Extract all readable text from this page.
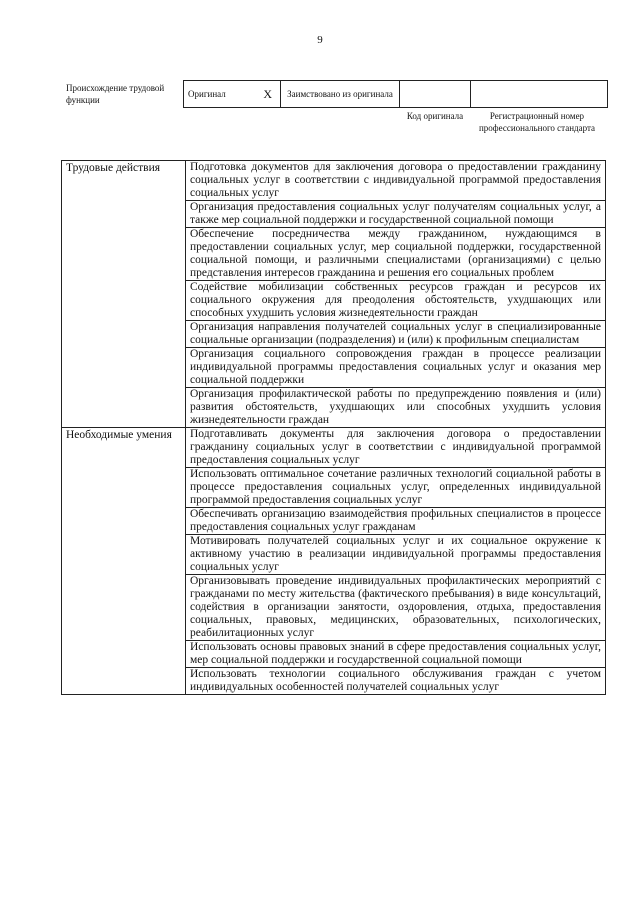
9
Происхождение трудовой функции
Оригинал	X	Заимствовано из оригинала		
Код оригинала	Регистрационный номер профессионального стандарта
Трудовые действия	Подготовка документов для заключения договора о предоставлении гражданину социальных услуг в соответствии с индивидуальной программой предоставления социальных услуг
	Организация предоставления социальных услуг получателям социальных услуг, а также мер социальной поддержки и государственной социальной помощи
	Обеспечение посредничества между гражданином, нуждающимся в предоставлении социальных услуг, мер социальной поддержки, государственной социальной помощи, и различными специалистами (организациями) с целью представления интересов гражданина и решения его социальных проблем
	Содействие мобилизации собственных ресурсов граждан и ресурсов их социального окружения для преодоления обстоятельств, ухудшающих или способных ухудшить условия жизнедеятельности граждан
	Организация направления получателей социальных услуг в специализированные социальные организации (подразделения) и (или) к профильным специалистам
	Организация социального сопровождения граждан в процессе реализации индивидуальной программы предоставления социальных услуг и оказания мер социальной поддержки
	Организация профилактической работы по предупреждению появления и (или) развития обстоятельств, ухудшающих или способных ухудшить условия жизнедеятельности граждан
Необходимые умения	Подготавливать документы для заключения договора о предоставлении гражданину социальных услуг в соответствии с индивидуальной программой предоставления социальных услуг
	Использовать оптимальное сочетание различных технологий социальной работы в процессе предоставления социальных услуг, определенных индивидуальной программой предоставления социальных услуг
	Обеспечивать организацию взаимодействия профильных специалистов в процессе предоставления социальных услуг гражданам
	Мотивировать получателей социальных услуг и их социальное окружение к активному участию в реализации индивидуальной программы предоставления социальных услуг
	Организовывать проведение индивидуальных профилактических мероприятий с гражданами по месту жительства (фактического пребывания) в виде консультаций, содействия в организации занятости, оздоровления, отдыха, предоставления социальных, правовых, медицинских, образовательных, психологических, реабилитационных услуг
	Использовать основы правовых знаний в сфере предоставления социальных услуг, мер социальной поддержки и государственной социальной помощи
	Использовать технологии социального обслуживания граждан с учетом индивидуальных особенностей получателей социальных услуг
